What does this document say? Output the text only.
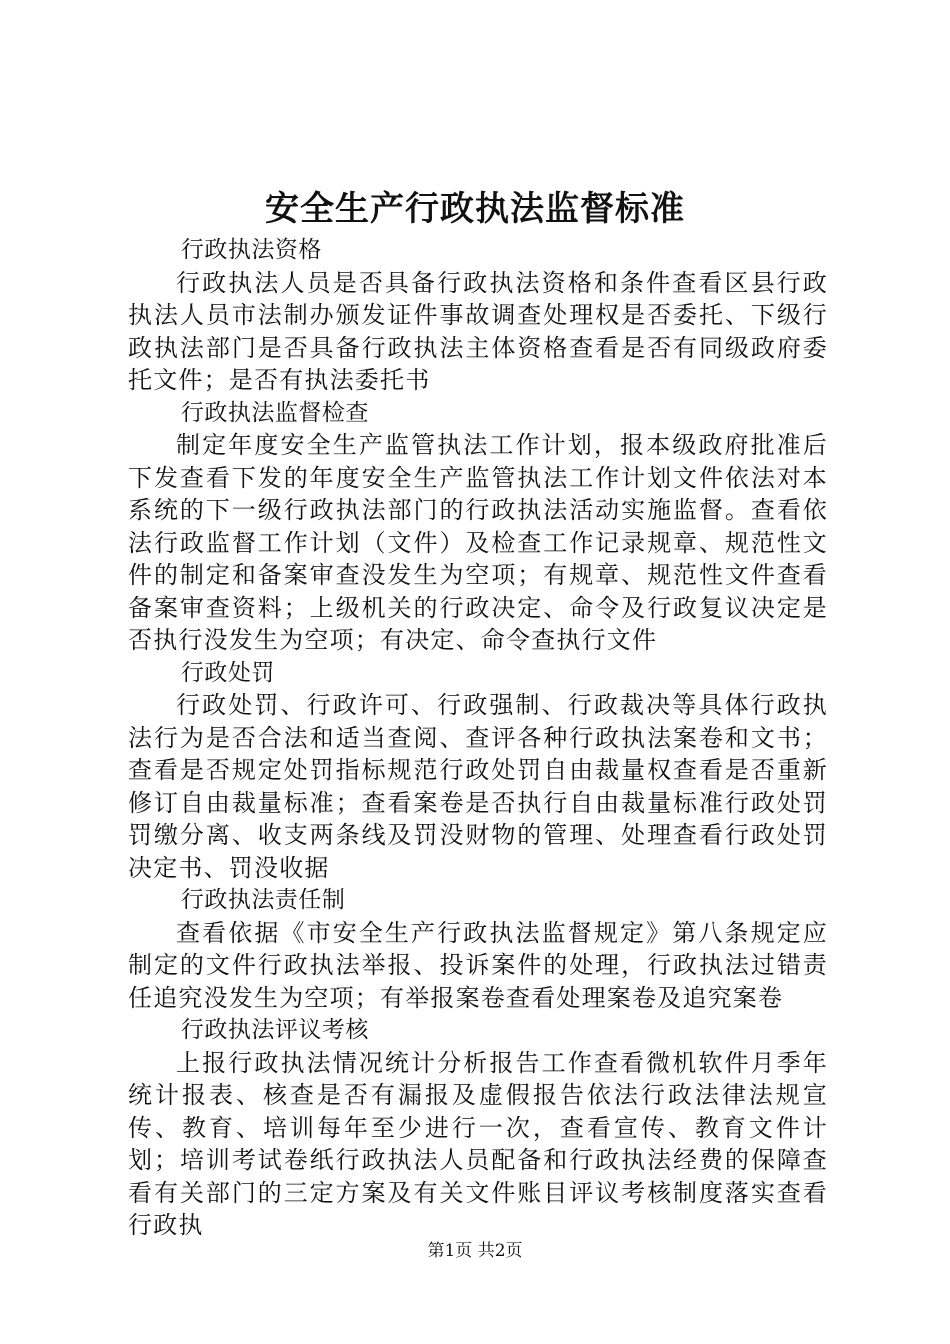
安全生产行政执法监督标准
行政执法资格
行政执法人员是否具备行政执法资格和条件查看区县行政执法人员市法制办颁发证件事故调查处理权是否委托、下级行政执法部门是否具备行政执法主体资格查看是否有同级政府委托文件；是否有执法委托书
行政执法监督检查
制定年度安全生产监管执法工作计划，报本级政府批准后下发查看下发的年度安全生产监管执法工作计划文件依法对本系统的下一级行政执法部门的行政执法活动实施监督。查看依法行政监督工作计划（文件）及检查工作记录规章、规范性文件的制定和备案审查没发生为空项；有规章、规范性文件查看备案审查资料；上级机关的行政决定、命令及行政复议决定是否执行没发生为空项；有决定、命令查执行文件
行政处罚
行政处罚、行政许可、行政强制、行政裁决等具体行政执法行为是否合法和适当查阅、查评各种行政执法案卷和文书；查看是否规定处罚指标规范行政处罚自由裁量权查看是否重新修订自由裁量标准；查看案卷是否执行自由裁量标准行政处罚罚缴分离、收支两条线及罚没财物的管理、处理查看行政处罚决定书、罚没收据
行政执法责任制
查看依据《市安全生产行政执法监督规定》第八条规定应制定的文件行政执法举报、投诉案件的处理，行政执法过错责任追究没发生为空项；有举报案卷查看处理案卷及追究案卷
行政执法评议考核
上报行政执法情况统计分析报告工作查看微机软件月季年统计报表、核查是否有漏报及虚假报告依法行政法律法规宣传、教育、培训每年至少进行一次，查看宣传、教育文件计划；培训考试卷纸行政执法人员配备和行政执法经费的保障查看有关部门的三定方案及有关文件账目评议考核制度落实查看行政执
第1页 共2页
